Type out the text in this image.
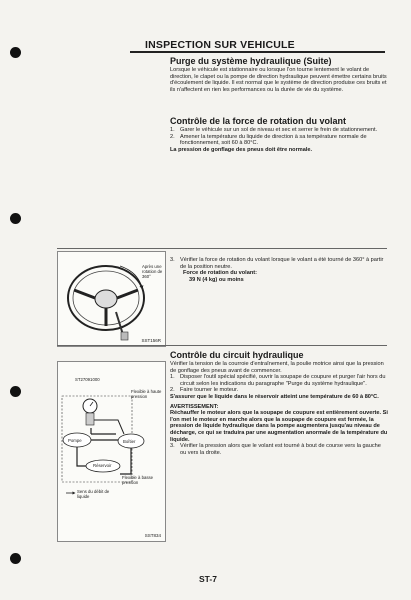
INSPECTION SUR VEHICULE
Purge du système hydraulique (Suite)

Lorsque le véhicule est stationnaire ou lorsque l'on tourne lentement le volant de direction, le clapet ou la pompe de direction hydraulique peuvent émettre certains bruits d'écoulement de liquide. Il est normal que le système de direction produise ces bruits et ils n'affectent en rien les performances ou la durée de vie du système.

Contrôle de la force de rotation du volant
1. Garer le véhicule sur un sol de niveau et sec et serrer le frein de stationnement.
2. Amener la température du liquide de direction à sa température normale de fonctionnement, soit 60 à 80°C.

La pression de gonflage des pneus doit être normale.

Après une rotation de 360°
SST156R
3. Vérifier la force de rotation du volant lorsque le volant a été tourné de 360° à partir de la position neutre.
Force de rotation du volant:
39 N (4 kg) ou moins
ST27091000
Flexible à haute pression
Pompe	Boîtier
Réservoir
Flexible à basse pression
Sens du débit de liquide
SST834
Contrôle du circuit hydraulique

Vérifier la tension de la courroie d'entraînement, la poulie motrice ainsi que la pression de gonflage des pneus avant de commencer.

1. Disposer l'outil spécial spécifié, ouvrir la soupape de coupure et purger l'air hors du circuit selon les indications du paragraphe "Purge du système hydraulique".
2. Faire tourner le moteur.

S'assurer que le liquide dans le réservoir atteint une température de 60 à 80°C.

AVERTISSEMENT:

Réchauffer le moteur alors que la soupape de coupure est entièrement ouverte. Si l'on met le moteur en marche alors que la soupape de coupure est fermée, la pression de liquide hydraulique dans la pompe augmentera jusqu'au niveau de décharge, ce qui se traduira par une augmentation anormale de la température du liquide.

3. Vérifier la pression alors que le volant est tourné à bout de course vers la gauche ou vers la droite.
ST-7
